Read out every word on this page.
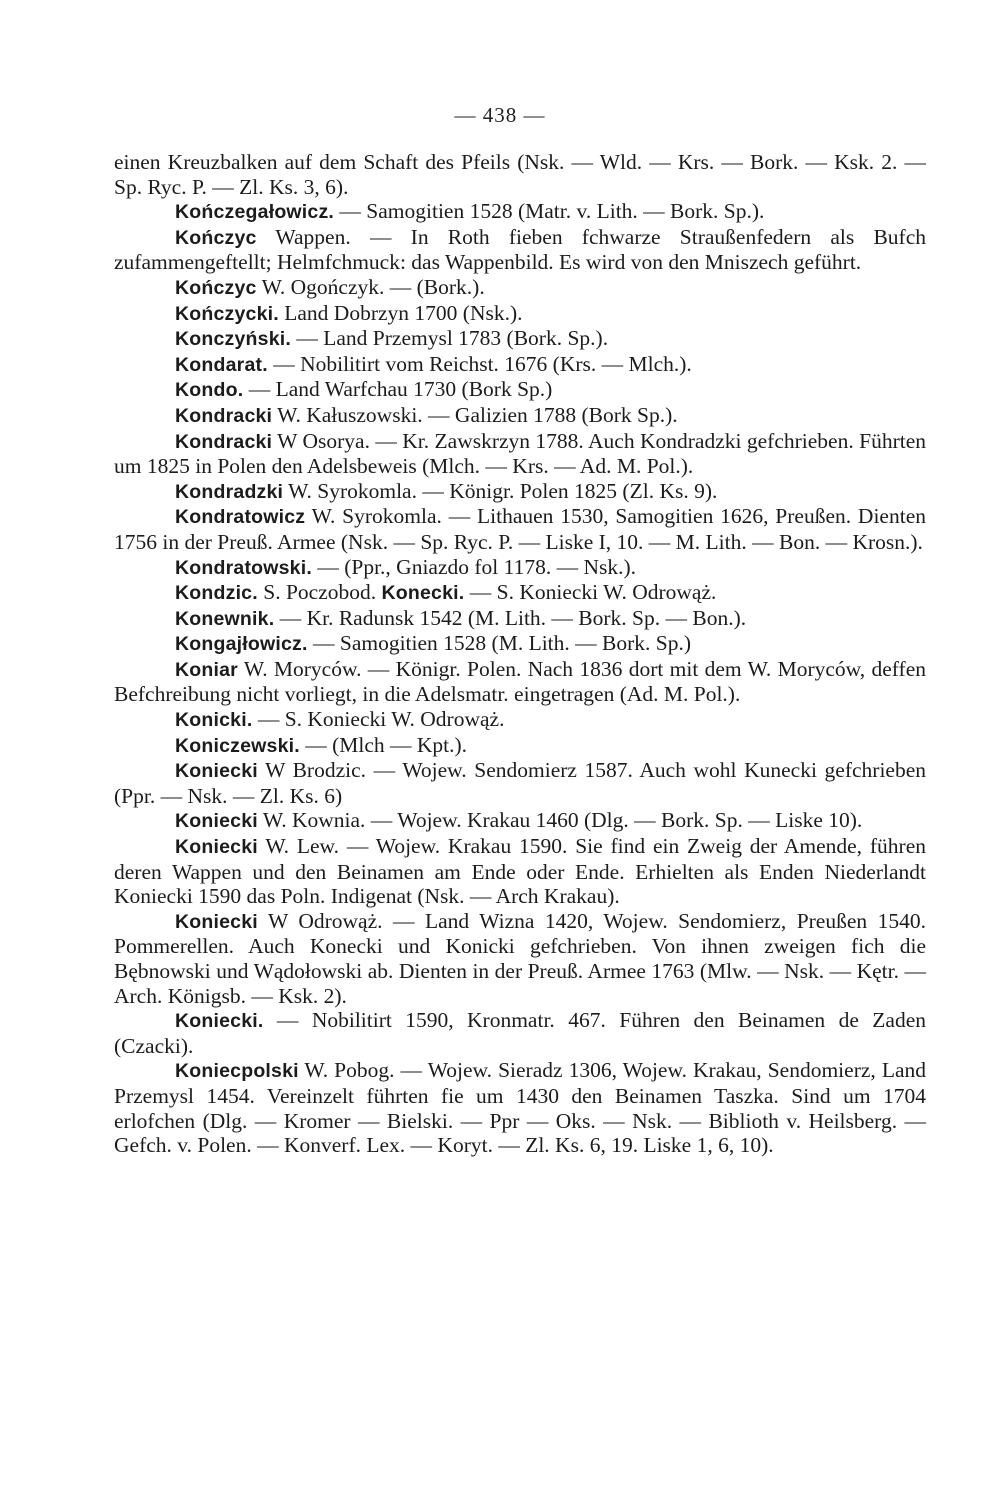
— 438 —

einen Kreuzbalken auf dem Schaft des Pfeils (Nsk. — Wld. — Krs. — Bork. — Ksk. 2. — Sp. Ryc. P. — Zl. Ks. 3, 6).

Kończegałowicz. — Samogitien 1528 (Matr. v. Lith. — Bork. Sp.).

Kończyc Wappen. — In Roth fieben fchwarze Straußenfedern als Bufch zufammengeftellt; Helmfchmuck: das Wappenbild. Es wird von den Mniszech geführt.

Kończyc W. Ogończyk. — (Bork.).

Kończycki. Land Dobrzyn 1700 (Nsk.).

Konczyński. — Land Przemysl 1783 (Bork. Sp.).

Kondarat. — Nobilitirt vom Reichst. 1676 (Krs. — Mlch.).

Kondo. — Land Warfchau 1730 (Bork Sp.)

Kondracki W. Kałuszowski. — Galizien 1788 (Bork Sp.).

Kondracki W Osorya. — Kr. Zawskrzyn 1788. Auch Kondradzki gefchrieben. Führten um 1825 in Polen den Adelsbeweis (Mlch. — Krs. — Ad. M. Pol.).

Kondradzki W. Syrokomla. — Königr. Polen 1825 (Zl. Ks. 9).

Kondratowicz W. Syrokomla. — Lithauen 1530, Samogitien 1626, Preußen. Dienten 1756 in der Preuß. Armee (Nsk. — Sp. Ryc. P. — Liske I, 10. — M. Lith. — Bon. — Krosn.).

Kondratowski. — (Ppr., Gniazdo fol 1178. — Nsk.).

Kondzic. S. Poczobod. Konecki. — S. Koniecki W. Odrowąż.

Konewnik. — Kr. Radunsk 1542 (M. Lith. — Bork. Sp. — Bon.).

Kongajłowicz. — Samogitien 1528 (M. Lith. — Bork. Sp.)

Koniar W. Moryców. — Königr. Polen. Nach 1836 dort mit dem W. Moryców, deffen Befchreibung nicht vorliegt, in die Adelsmatr. eingetragen (Ad. M. Pol.).

Konicki. — S. Koniecki W. Odrowąż.

Koniczewski. — (Mlch — Kpt.).

Koniecki W Brodzic. — Wojew. Sendomierz 1587. Auch wohl Kunecki gefchrieben (Ppr. — Nsk. — Zl. Ks. 6)

Koniecki W. Kownia. — Wojew. Krakau 1460 (Dlg. — Bork. Sp. — Liske 10).

Koniecki W. Lew. — Wojew. Krakau 1590. Sie find ein Zweig der Amende, führen deren Wappen und den Beinamen am Ende oder Ende. Erhielten als Enden Niederlandt Koniecki 1590 das Poln. Indigenat (Nsk. — Arch Krakau).

Koniecki W Odrowąż. — Land Wizna 1420, Wojew. Sendomierz, Preußen 1540. Pommerellen. Auch Konecki und Konicki gefchrieben. Von ihnen zweigen fich die Bębnowski und Wądołowski ab. Dienten in der Preuß. Armee 1763 (Mlw. — Nsk. — Kętr. — Arch. Königsb. — Ksk. 2).

Koniecki. — Nobilitirt 1590, Kronmatr. 467. Führen den Beinamen de Zaden (Czacki).

Koniecpolski W. Pobog. — Wojew. Sieradz 1306, Wojew. Krakau, Sendomierz, Land Przemysl 1454. Vereinzelt führten fie um 1430 den Beinamen Taszka. Sind um 1704 erlofchen (Dlg. — Kromer — Bielski. — Ppr — Oks. — Nsk. — Biblioth v. Heilsberg. — Gefch. v. Polen. — Konverf. Lex. — Koryt. — Zl. Ks. 6, 19. Liske 1, 6, 10).
